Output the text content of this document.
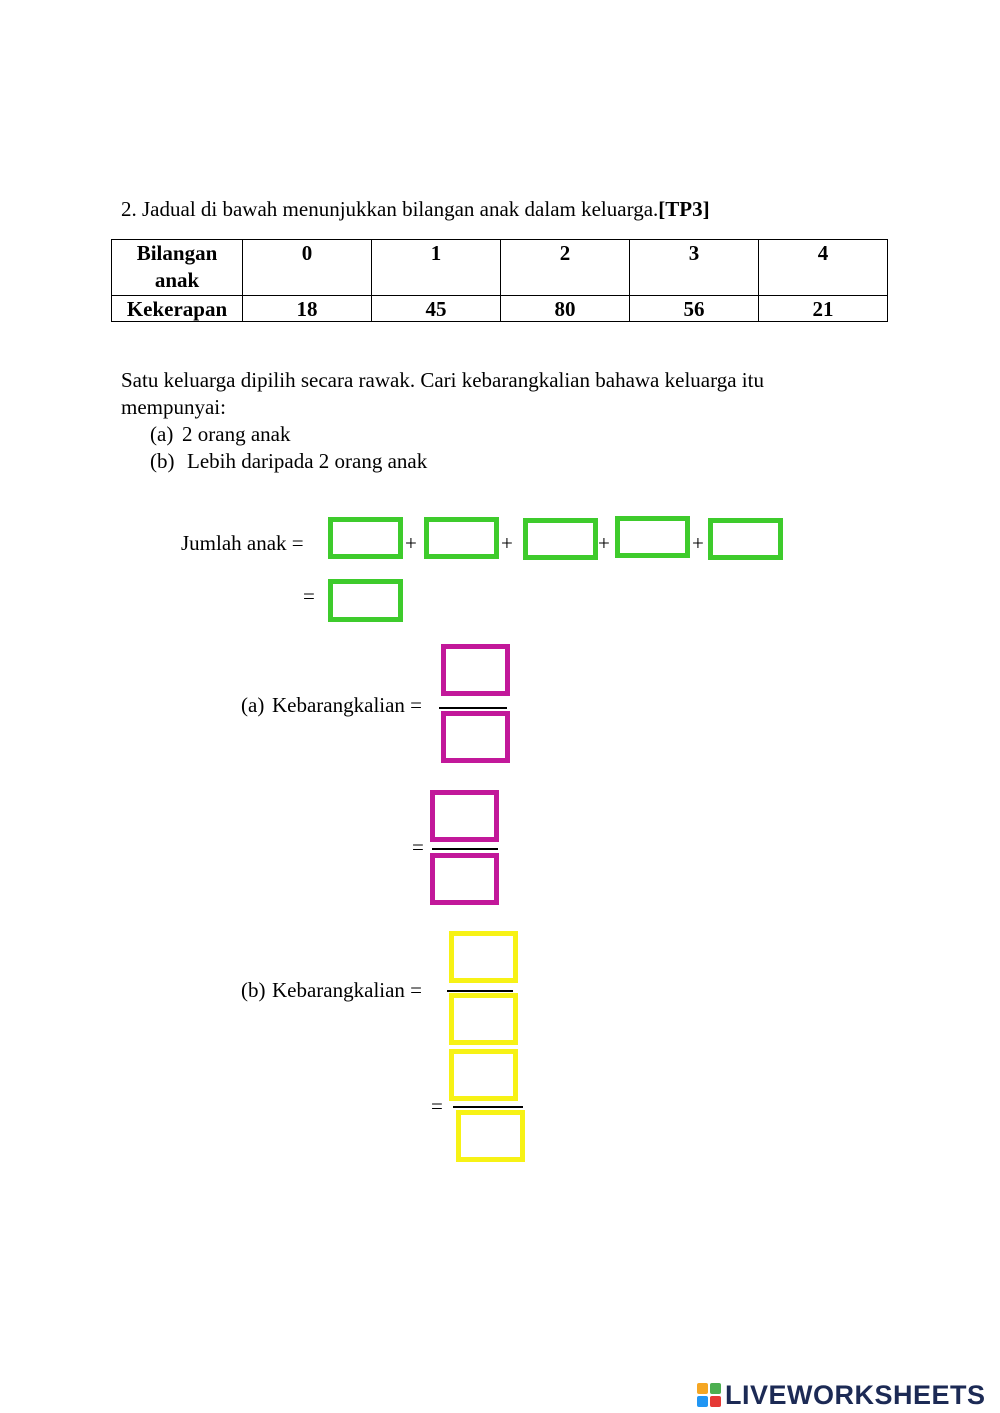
2. Jadual di bawah menunjukkan bilangan anak dalam keluarga.[TP3]
Bilangan
anak	0	1	2	3	4
Kekerapan	18	45	80	56	21
Satu keluarga dipilih secara rawak. Cari kebarangkalian bahawa keluarga itu
mempunyai:
(a) 2 orang anak
(b) Lebih daripada 2 orang anak
Jumlah anak =	+	+	+	+
=
(a) Kebarangkalian =
=
(b) Kebarangkalian =
=
LIVEWORKSHEETS
